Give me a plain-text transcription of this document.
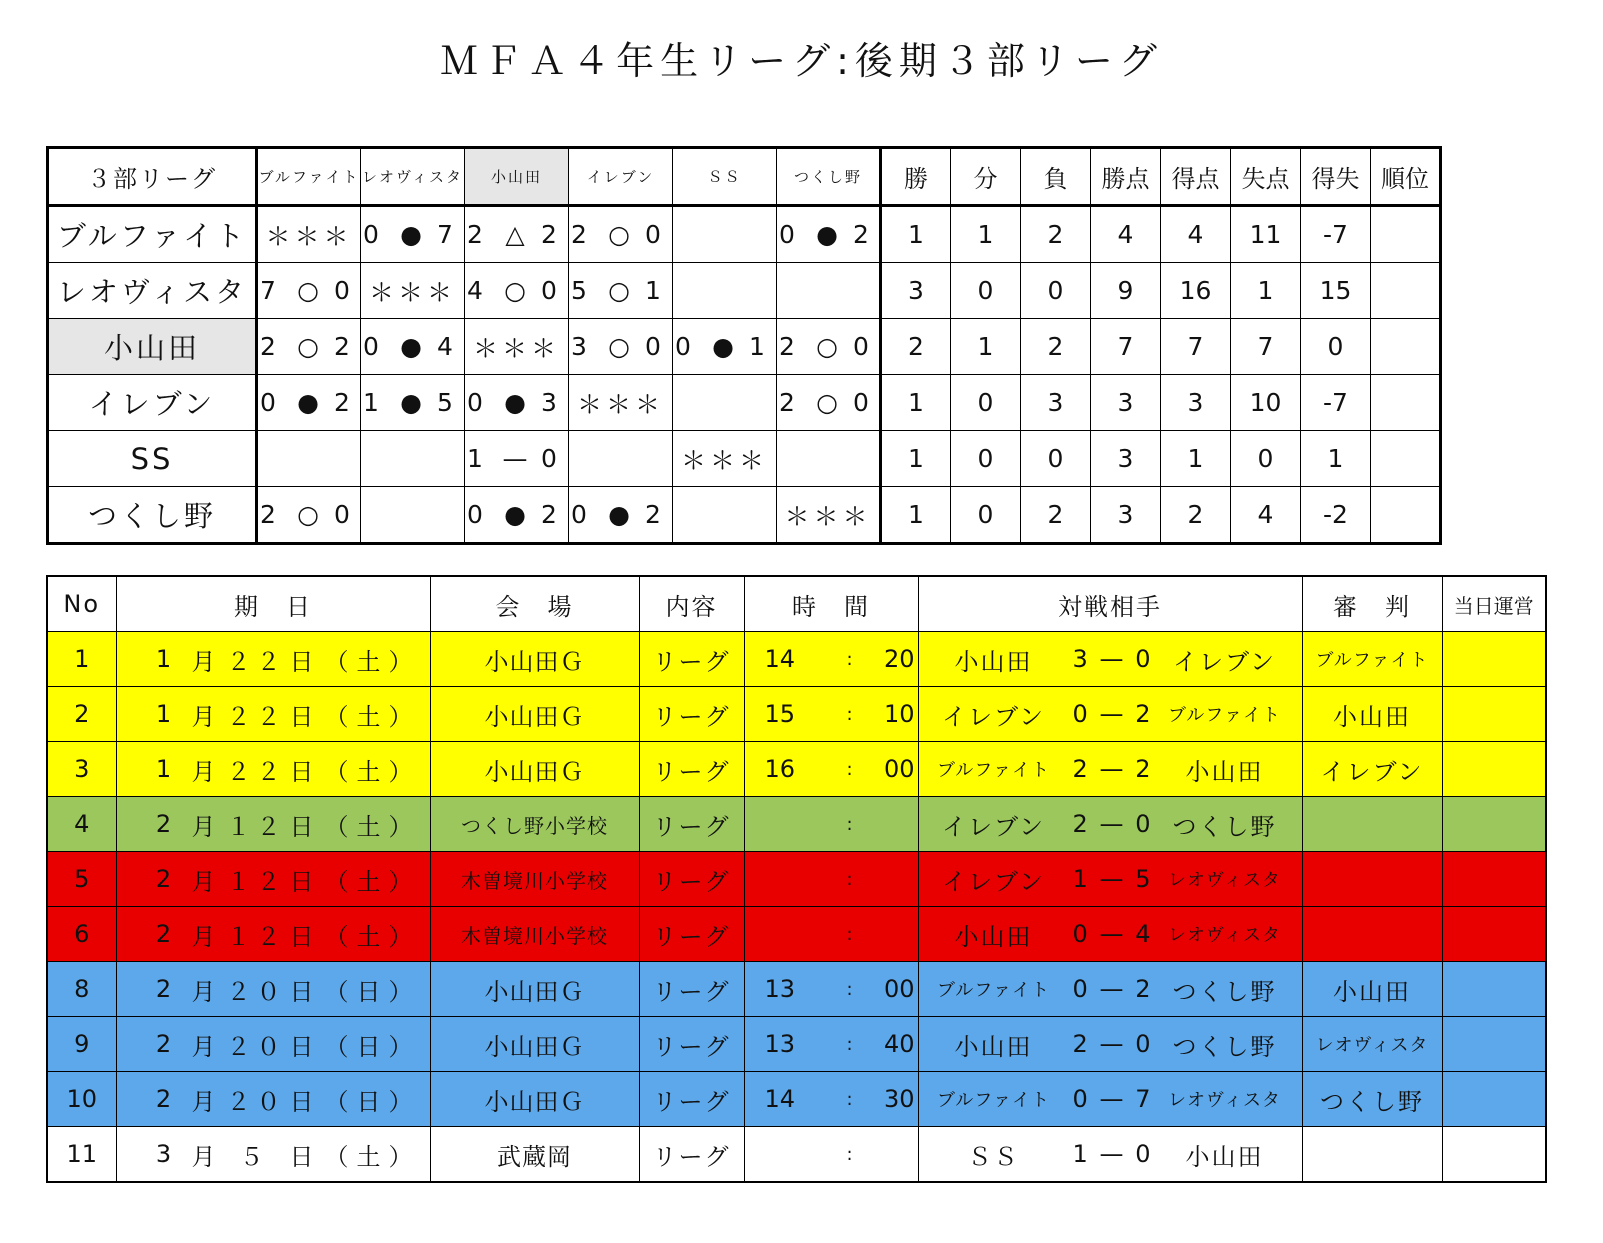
ＭＦＡ４年生リーグ:後期３部リーグ
３部リーグ	ブルファイト	レオヴィスタ	小山田	イレブン	ＳＳ	つくし野	勝	分	負	勝点	得点	失点	得失	順位
ブルファイト	＊＊＊	0 ● 7	2 △ 2	2 ○ 0		0 ● 2	1	1	2	4	4	11	-7	
レオヴィスタ	7 ○ 0	＊＊＊	4 ○ 0	5 ○ 1			3	0	0	9	16	1	15	
小山田	2 ○ 2	0 ● 4	＊＊＊	3 ○ 0	0 ● 1	2 ○ 0	2	1	2	7	7	7	0	
イレブン	0 ● 2	1 ● 5	0 ● 3	＊＊＊		2 ○ 0	1	0	3	3	3	10	-7	
SS			1 — 0		＊＊＊		1	0	0	3	1	0	1	
つくし野	2 ○ 0		0 ● 2	0 ● 2		＊＊＊	1	0	2	3	2	4	-2	
No	期　日	会　場	内容	時　間	対戦相手	審　判	当日運営
1	1 月 ２２ 日 （土）	小山田Ｇ	リーグ	14 : 20	小山田 3 — 0 イレブン	ブルファイト	
2	1 月 ２２ 日 （土）	小山田Ｇ	リーグ	15 : 10	イレブン 0 — 2 ブルファイト	小山田	
3	1 月 ２２ 日 （土）	小山田Ｇ	リーグ	16 : 00	ブルファイト 2 — 2 小山田	イレブン	
4	2 月 １２ 日 （土）	つくし野小学校	リーグ	:	イレブン 2 — 0 つくし野		

5	2 月 １２ 日 （土）	木曽境川小学校	リーグ	:	イレブン 1 — 5 レオヴィスタ		

6	2 月 １２ 日 （土）	木曽境川小学校	リーグ	:	小山田 0 — 4 レオヴィスタ		

8	2 月 ２０ 日 （日）	小山田Ｇ	リーグ	13 : 00	ブルファイト 0 — 2 つくし野	小山田	
9	2 月 ２０ 日 （日）	小山田Ｇ	リーグ	13 : 40	小山田 2 — 0 つくし野	レオヴィスタ	
10	2 月 ２０ 日 （日）	小山田Ｇ	リーグ	14 : 30	ブルファイト 0 — 7 レオヴィスタ	つくし野	
11	3 月 ５ 日 （土）	武蔵岡	リーグ	:	ＳＳ 1 — 0 小山田		
